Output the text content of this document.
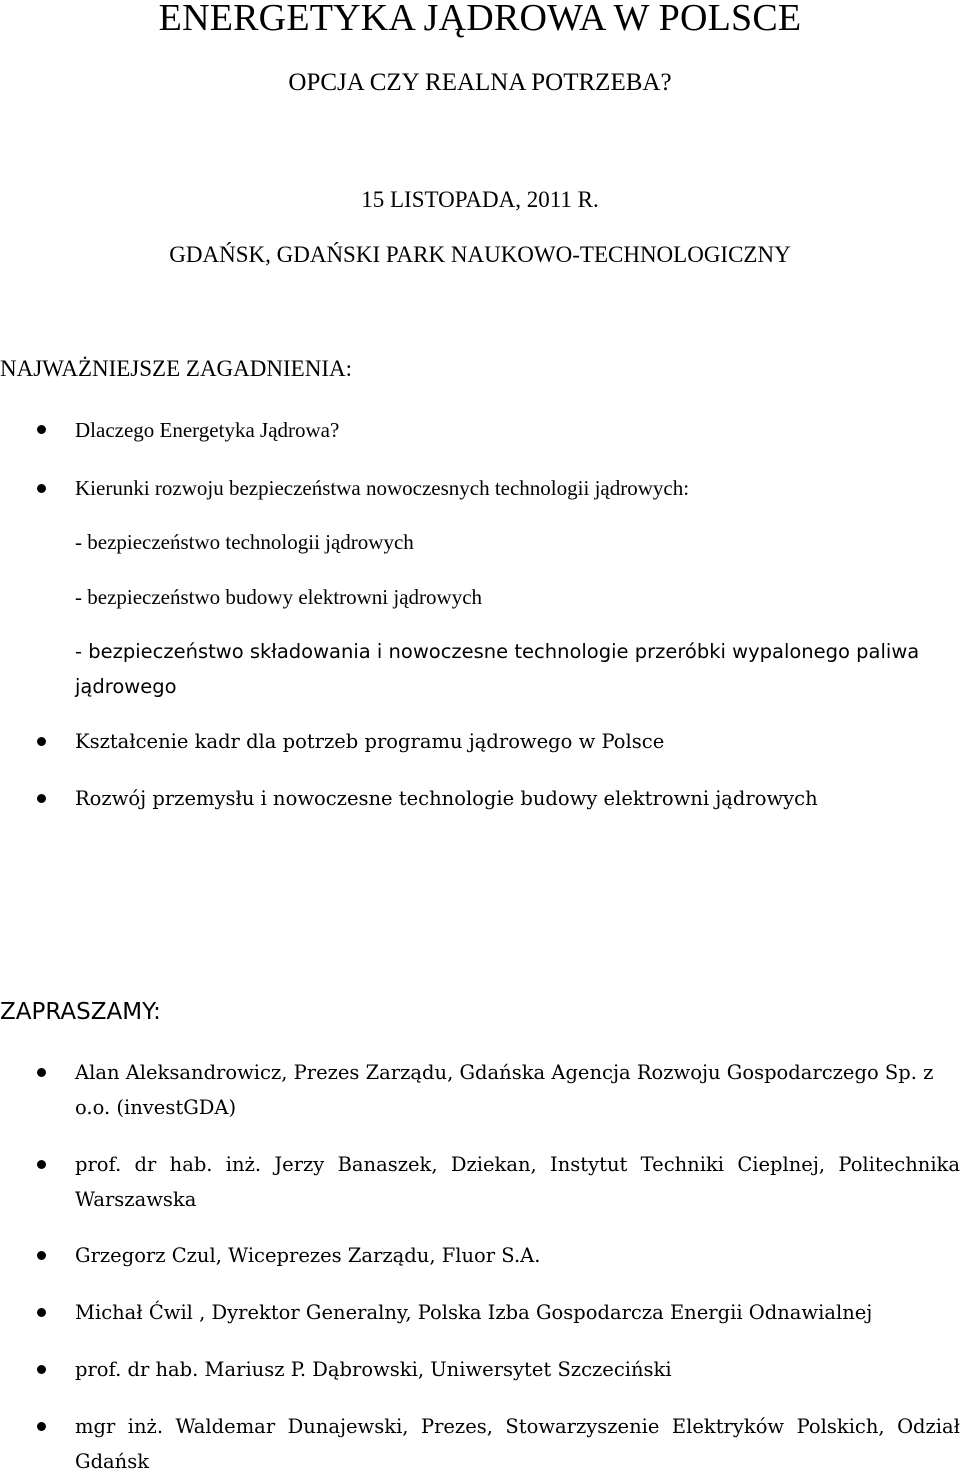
ENERGETYKA JĄDROWA W POLSCE
OPCJA CZY REALNA POTRZEBA?
15 LISTOPADA, 2011 R.
GDAŃSK, GDAŃSKI PARK NAUKOWO-TECHNOLOGICZNY
NAJWAŻNIEJSZE ZAGADNIENIA:
Dlaczego Energetyka Jądrowa?
Kierunki rozwoju bezpieczeństwa nowoczesnych technologii jądrowych:
- bezpieczeństwo technologii jądrowych
- bezpieczeństwo budowy elektrowni jądrowych
- bezpieczeństwo składowania i nowoczesne technologie przeróbki wypalonego paliwa jądrowego
Kształcenie kadr dla potrzeb programu jądrowego w Polsce
Rozwój przemysłu i nowoczesne technologie budowy elektrowni jądrowych
ZAPRASZAMY:
Alan Aleksandrowicz, Prezes Zarządu, Gdańska Agencja Rozwoju Gospodarczego Sp. z o.o. (investGDA)
prof. dr hab. inż. Jerzy Banaszek, Dziekan, Instytut Techniki Cieplnej, Politechnika Warszawska
Grzegorz Czul, Wiceprezes Zarządu, Fluor S.A.
Michał Ćwil , Dyrektor Generalny, Polska Izba Gospodarcza Energii Odnawialnej
prof. dr hab. Mariusz P. Dąbrowski, Uniwersytet Szczeciński
mgr inż. Waldemar Dunajewski, Prezes, Stowarzyszenie Elektryków Polskich, Odział Gdańsk
